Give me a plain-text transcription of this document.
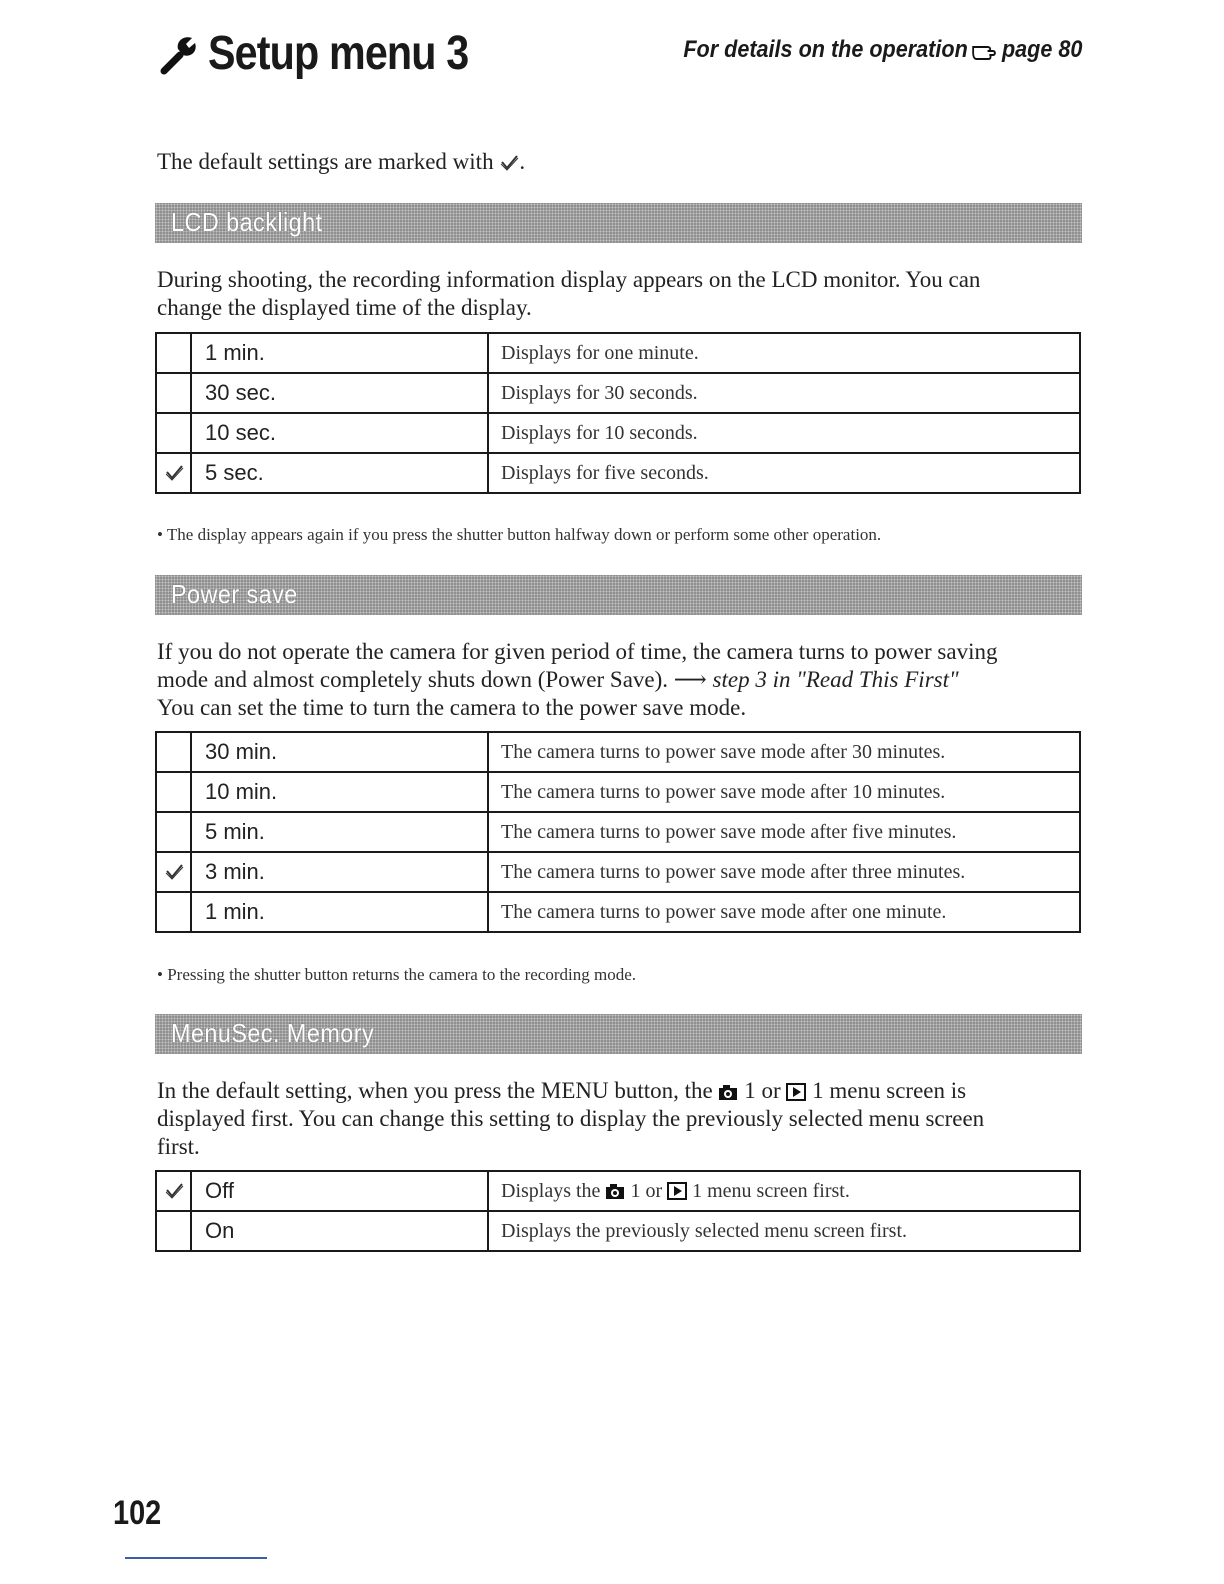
Setup menu 3	For details on the operation page 80
The default settings are marked with .
LCD backlight
During shooting, the recording information display appears on the LCD monitor. You can
change the displayed time of the display.
	1 min.	Displays for one minute.
	30 sec.	Displays for 30 seconds.
	10 sec.	Displays for 10 seconds.
	5 sec.	Displays for five seconds.
• The display appears again if you press the shutter button halfway down or perform some other operation.
Power save
If you do not operate the camera for given period of time, the camera turns to power saving
mode and almost completely shuts down (Power Save). ⟶ step 3 in "Read This First"
You can set the time to turn the camera to the power save mode.
	30 min.	The camera turns to power save mode after 30 minutes.
	10 min.	The camera turns to power save mode after 10 minutes.
	5 min.	The camera turns to power save mode after five minutes.
	3 min.	The camera turns to power save mode after three minutes.
	1 min.	The camera turns to power save mode after one minute.
• Pressing the shutter button returns the camera to the recording mode.
MenuSec. Memory
In the default setting, when you press the MENU button, the 1 or 1 menu screen is
displayed first. You can change this setting to display the previously selected menu screen
first.
	Off	Displays the 1 or 1 menu screen first.
	On	Displays the previously selected menu screen first.
102
